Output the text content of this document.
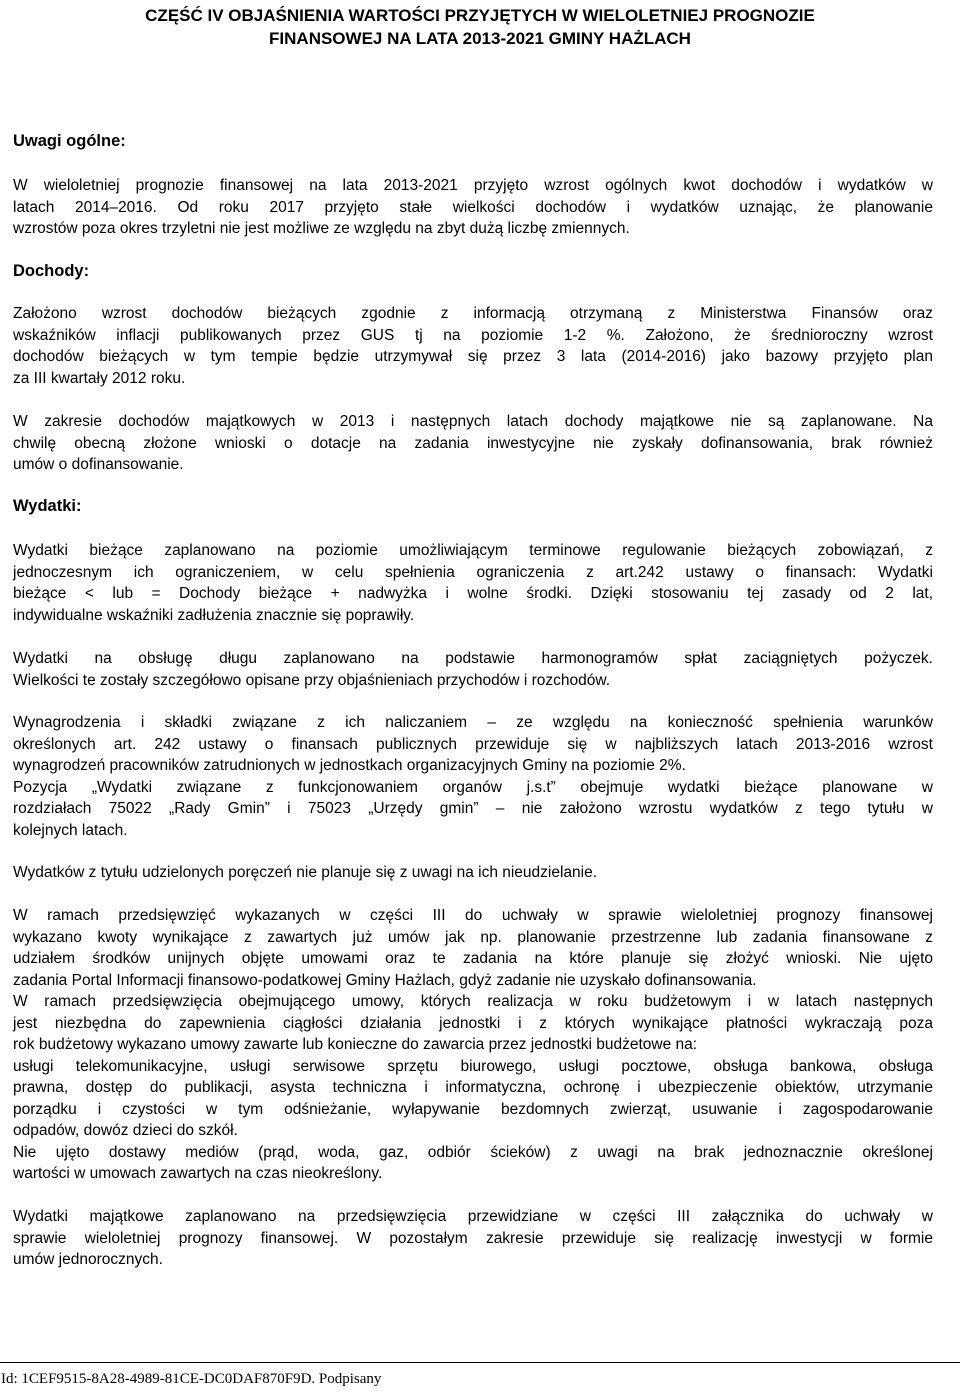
CZĘŚĆ IV OBJAŚNIENIA WARTOŚCI PRZYJĘTYCH W WIELOLETNIEJ PROGNOZIE
FINANSOWEJ NA LATA 2013-2021 GMINY HAŻLACH
Uwagi ogólne:
W wieloletniej prognozie finansowej na lata 2013-2021 przyjęto wzrost ogólnych kwot dochodów i wydatków w
latach 2014–2016. Od roku 2017 przyjęto stałe wielkości dochodów i wydatków uznając, że planowanie
wzrostów poza okres trzyletni nie jest możliwe ze względu na zbyt dużą liczbę zmiennych.
Dochody:
Założono wzrost dochodów bieżących zgodnie z informacją otrzymaną z Ministerstwa Finansów oraz
wskaźników inflacji publikowanych przez GUS tj na poziomie 1-2 %. Założono, że średnioroczny wzrost
dochodów bieżących w tym tempie będzie utrzymywał się przez 3 lata (2014-2016) jako bazowy przyjęto plan
za III kwartały 2012 roku.
W zakresie dochodów majątkowych w 2013 i następnych latach dochody majątkowe nie są zaplanowane. Na
chwilę obecną złożone wnioski o dotacje na zadania inwestycyjne nie zyskały dofinansowania, brak również
umów o dofinansowanie.
Wydatki:
Wydatki bieżące zaplanowano na poziomie umożliwiającym terminowe regulowanie bieżących zobowiązań, z
jednoczesnym ich ograniczeniem, w celu spełnienia ograniczenia z art.242 ustawy o finansach: Wydatki
bieżące < lub = Dochody bieżące + nadwyżka i wolne środki. Dzięki stosowaniu tej zasady od 2 lat,
indywidualne wskaźniki zadłużenia znacznie się poprawiły.
Wydatki na obsługę długu zaplanowano na podstawie harmonogramów spłat zaciągniętych pożyczek.
Wielkości te zostały szczegółowo opisane przy objaśnieniach przychodów i rozchodów.
Wynagrodzenia i składki związane z ich naliczaniem – ze względu na konieczność spełnienia warunków
określonych art. 242 ustawy o finansach publicznych przewiduje się w najbliższych latach 2013-2016 wzrost
wynagrodzeń pracowników zatrudnionych w jednostkach organizacyjnych Gminy na poziomie 2%.
Pozycja „Wydatki związane z funkcjonowaniem organów j.s.t” obejmuje wydatki bieżące planowane w
rozdziałach 75022 „Rady Gmin” i 75023 „Urzędy gmin” – nie założono wzrostu wydatków z tego tytułu w
kolejnych latach.
Wydatków z tytułu udzielonych poręczeń nie planuje się z uwagi na ich nieudzielanie.
W ramach przedsięwzięć wykazanych w części III do uchwały w sprawie wieloletniej prognozy finansowej
wykazano kwoty wynikające z zawartych już umów jak np. planowanie przestrzenne lub zadania finansowane z
udziałem środków unijnych objęte umowami oraz te zadania na które planuje się złożyć wnioski. Nie ujęto
zadania Portal Informacji finansowo-podatkowej Gminy Hażlach, gdyż zadanie nie uzyskało dofinansowania.
W ramach przedsięwzięcia obejmującego umowy, których realizacja w roku budżetowym i w latach następnych
jest niezbędna do zapewnienia ciągłości działania jednostki i z których wynikające płatności wykraczają poza
rok budżetowy wykazano umowy zawarte lub konieczne do zawarcia przez jednostki budżetowe na:
usługi telekomunikacyjne, usługi serwisowe sprzętu biurowego, usługi pocztowe, obsługa bankowa, obsługa
prawna, dostęp do publikacji, asysta techniczna i informatyczna, ochronę i ubezpieczenie obiektów, utrzymanie
porządku i czystości w tym odśnieżanie, wyłapywanie bezdomnych zwierząt, usuwanie i zagospodarowanie
odpadów, dowóz dzieci do szkół.
Nie ujęto dostawy mediów (prąd, woda, gaz, odbiór ścieków) z uwagi na brak jednoznacznie określonej
wartości w umowach zawartych na czas nieokreślony.
Wydatki majątkowe zaplanowano na przedsięwzięcia przewidziane w części III załącznika do uchwały w
sprawie wieloletniej prognozy finansowej. W pozostałym zakresie przewiduje się realizację inwestycji w formie
umów jednorocznych.
Id: 1CEF9515-8A28-4989-81CE-DC0DAF870F9D. Podpisany
